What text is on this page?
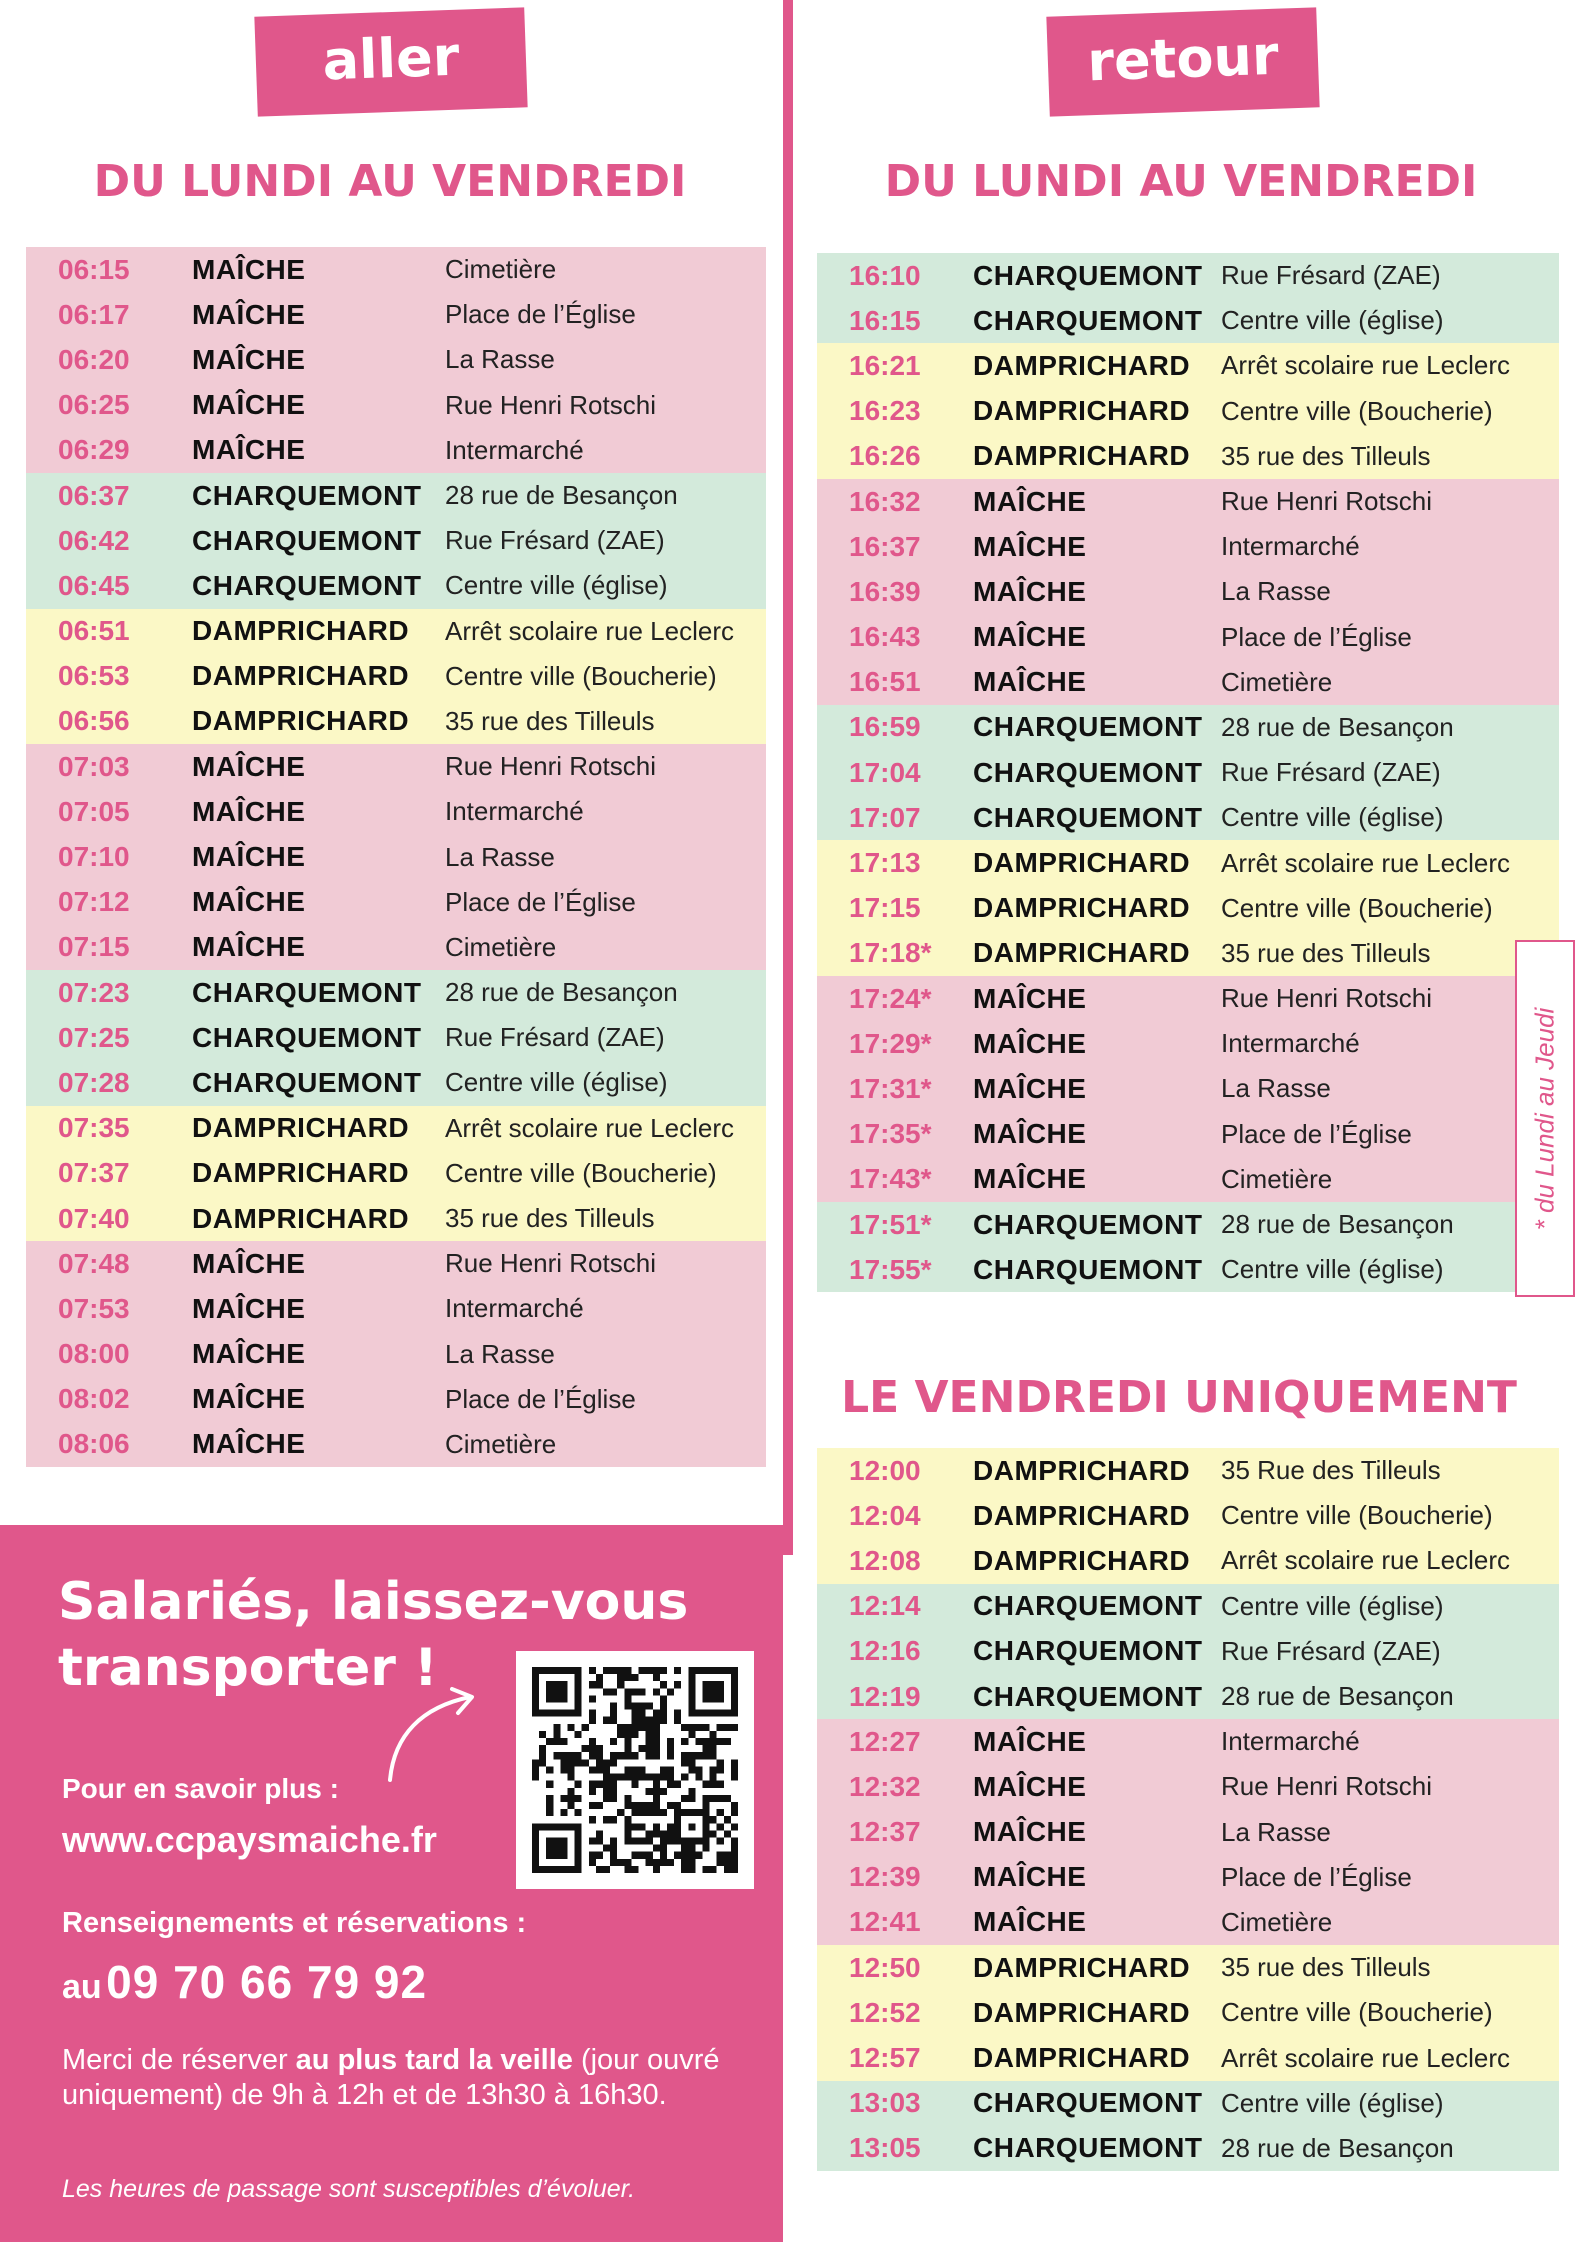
aller
DU LUNDI AU VENDREDI
06:15	MAÎCHE	Cimetière
06:17	MAÎCHE	Place de l’Église
06:20	MAÎCHE	La Rasse
06:25	MAÎCHE	Rue Henri Rotschi
06:29	MAÎCHE	Intermarché
06:37	CHARQUEMONT	28 rue de Besançon
06:42	CHARQUEMONT	Rue Frésard (ZAE)
06:45	CHARQUEMONT	Centre ville (église)
06:51	DAMPRICHARD	Arrêt scolaire rue Leclerc
06:53	DAMPRICHARD	Centre ville (Boucherie)
06:56	DAMPRICHARD	35 rue des Tilleuls
07:03	MAÎCHE	Rue Henri Rotschi
07:05	MAÎCHE	Intermarché
07:10	MAÎCHE	La Rasse
07:12	MAÎCHE	Place de l’Église
07:15	MAÎCHE	Cimetière
07:23	CHARQUEMONT	28 rue de Besançon
07:25	CHARQUEMONT	Rue Frésard (ZAE)
07:28	CHARQUEMONT	Centre ville (église)
07:35	DAMPRICHARD	Arrêt scolaire rue Leclerc
07:37	DAMPRICHARD	Centre ville (Boucherie)
07:40	DAMPRICHARD	35 rue des Tilleuls
07:48	MAÎCHE	Rue Henri Rotschi
07:53	MAÎCHE	Intermarché
08:00	MAÎCHE	La Rasse
08:02	MAÎCHE	Place de l’Église
08:06	MAÎCHE	Cimetière
retour
DU LUNDI AU VENDREDI
16:10	CHARQUEMONT	Rue Frésard (ZAE)
16:15	CHARQUEMONT	Centre ville (église)
16:21	DAMPRICHARD	Arrêt scolaire rue Leclerc
16:23	DAMPRICHARD	Centre ville (Boucherie)
16:26	DAMPRICHARD	35 rue des Tilleuls
16:32	MAÎCHE	Rue Henri Rotschi
16:37	MAÎCHE	Intermarché
16:39	MAÎCHE	La Rasse
16:43	MAÎCHE	Place de l’Église
16:51	MAÎCHE	Cimetière
16:59	CHARQUEMONT	28 rue de Besançon
17:04	CHARQUEMONT	Rue Frésard (ZAE)
17:07	CHARQUEMONT	Centre ville (église)
17:13	DAMPRICHARD	Arrêt scolaire rue Leclerc
17:15	DAMPRICHARD	Centre ville (Boucherie)
17:18*	DAMPRICHARD	35 rue des Tilleuls
17:24*	MAÎCHE	Rue Henri Rotschi
17:29*	MAÎCHE	Intermarché
17:31*	MAÎCHE	La Rasse
17:35*	MAÎCHE	Place de l’Église
17:43*	MAÎCHE	Cimetière
17:51*	CHARQUEMONT	28 rue de Besançon
17:55*	CHARQUEMONT	Centre ville (église)
LE VENDREDI UNIQUEMENT
12:00	DAMPRICHARD	35 Rue des Tilleuls
12:04	DAMPRICHARD	Centre ville (Boucherie)
12:08	DAMPRICHARD	Arrêt scolaire rue Leclerc
12:14	CHARQUEMONT	Centre ville (église)
12:16	CHARQUEMONT	Rue Frésard (ZAE)
12:19	CHARQUEMONT	28 rue de Besançon
12:27	MAÎCHE	Intermarché
12:32	MAÎCHE	Rue Henri Rotschi
12:37	MAÎCHE	La Rasse
12:39	MAÎCHE	Place de l’Église
12:41	MAÎCHE	Cimetière
12:50	DAMPRICHARD	35 rue des Tilleuls
12:52	DAMPRICHARD	Centre ville (Boucherie)
12:57	DAMPRICHARD	Arrêt scolaire rue Leclerc
13:03	CHARQUEMONT	Centre ville (église)
13:05	CHARQUEMONT	28 rue de Besançon
* du Lundi au Jeudi
Salariés, laissez-vous transporter !
Pour en savoir plus :
www.ccpaysmaiche.fr
Renseignements et réservations :
au 09 70 66 79 92
Merci de réserver au plus tard la veille (jour ouvré uniquement) de 9h à 12h et de 13h30 à 16h30.
Les heures de passage sont susceptibles d’évoluer.
